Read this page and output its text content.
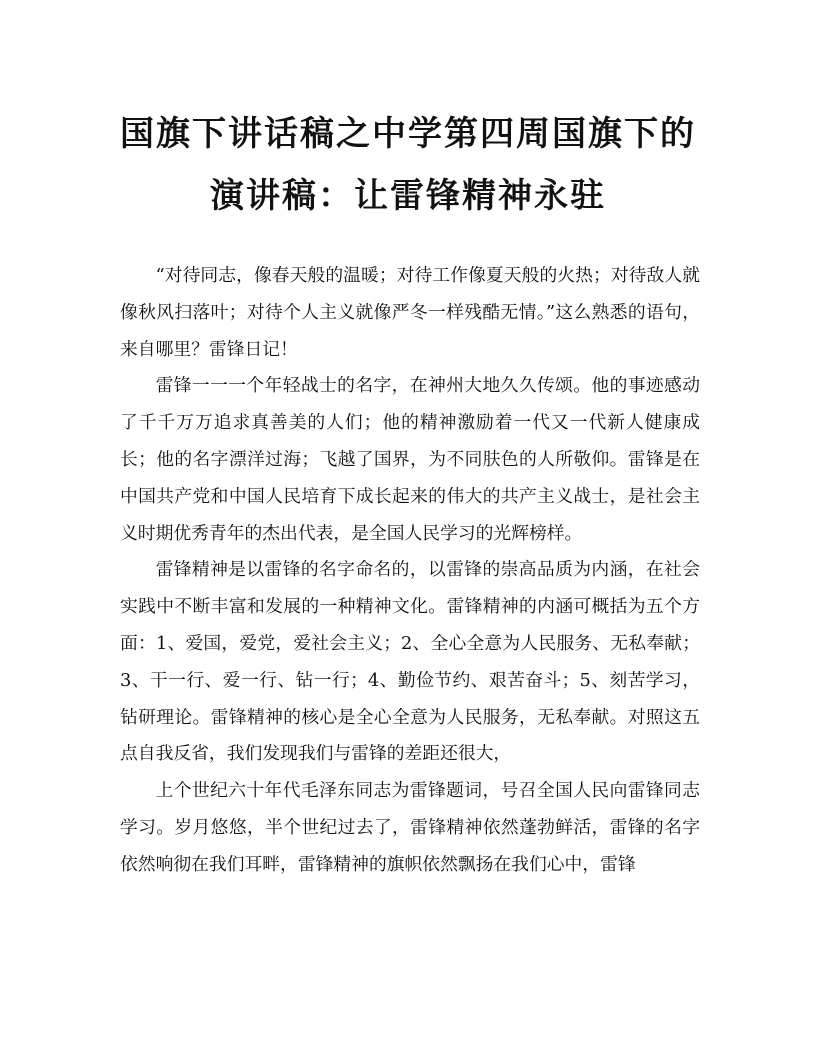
国旗下讲话稿之中学第四周国旗下的
演讲稿：让雷锋精神永驻

“对待同志，像春天般的温暖；对待工作像夏天般的火热；对待敌人就像秋风扫落叶；对待个人主义就像严冬一样残酷无情。”这么熟悉的语句，来自哪里？雷锋日记！

雷锋一一一个年轻战士的名字，在神州大地久久传颂。他的事迹感动了千千万万追求真善美的人们；他的精神激励着一代又一代新人健康成长；他的名字漂洋过海；飞越了国界，为不同肤色的人所敬仰。雷锋是在中国共产党和中国人民培育下成长起来的伟大的共产主义战士，是社会主义时期优秀青年的杰出代表，是全国人民学习的光辉榜样。

雷锋精神是以雷锋的名字命名的，以雷锋的崇高品质为内涵，在社会实践中不断丰富和发展的一种精神文化。雷锋精神的内涵可概括为五个方面：1、爱国，爱党，爱社会主义；2、全心全意为人民服务、无私奉献；3、干一行、爱一行、钻一行；4、勤俭节约、艰苦奋斗；5、刻苦学习，钻研理论。雷锋精神的核心是全心全意为人民服务，无私奉献。对照这五点自我反省，我们发现我们与雷锋的差距还很大，

上个世纪六十年代毛泽东同志为雷锋题词，号召全国人民向雷锋同志学习。岁月悠悠，半个世纪过去了，雷锋精神依然蓬勃鲜活，雷锋的名字依然响彻在我们耳畔，雷锋精神的旗帜依然飘扬在我们心中，雷锋
